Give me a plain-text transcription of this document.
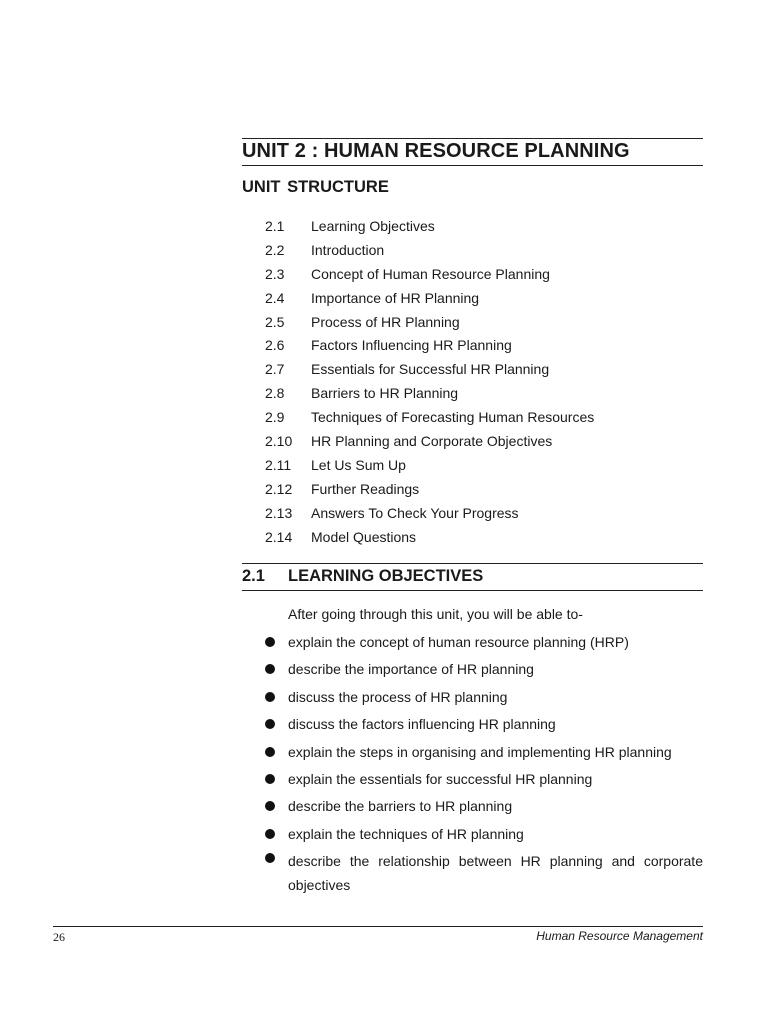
UNIT 2 : HUMAN RESOURCE PLANNING
UNIT STRUCTURE
2.1 Learning Objectives
2.2 Introduction
2.3 Concept of Human Resource Planning
2.4 Importance of HR Planning
2.5 Process of HR Planning
2.6 Factors Influencing HR Planning
2.7 Essentials for Successful HR Planning
2.8 Barriers to HR Planning
2.9 Techniques of Forecasting Human Resources
2.10 HR Planning and Corporate Objectives
2.11 Let Us Sum Up
2.12 Further Readings
2.13 Answers To Check Your Progress
2.14 Model Questions
2.1 LEARNING OBJECTIVES
After going through this unit, you will be able to-
explain the concept of human resource planning (HRP)
describe the importance of HR planning
discuss the process of HR planning
discuss the factors influencing HR planning
explain the steps in organising and implementing HR planning
explain the essentials for successful HR planning
describe the barriers to HR planning
explain the techniques of HR planning
describe the relationship between HR planning and corporate objectives
26	Human Resource Management
